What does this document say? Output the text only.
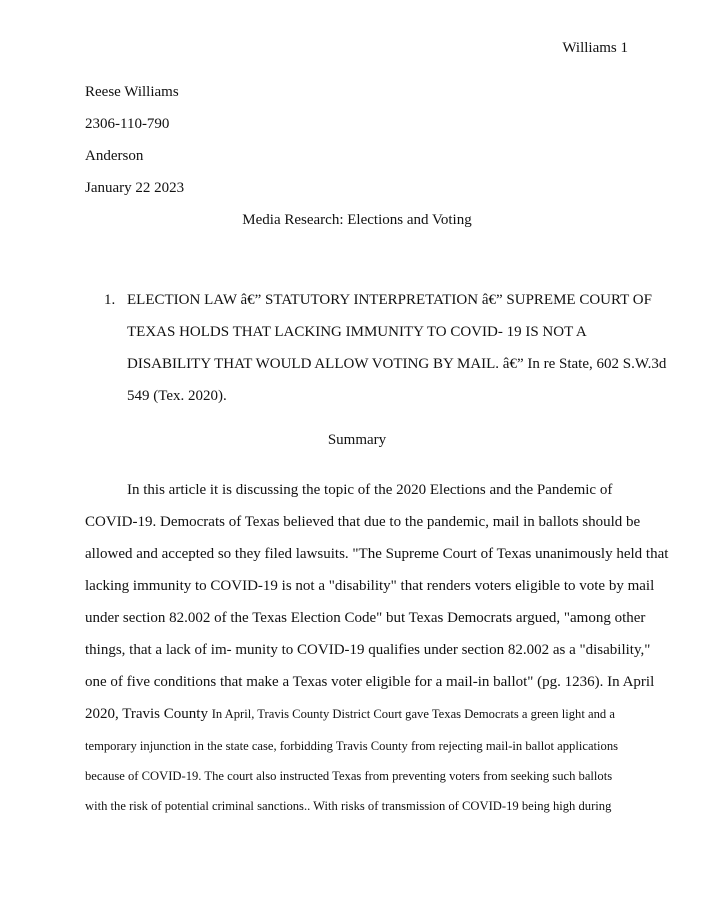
Williams 1
Reese Williams
2306-110-790
Anderson
January 22 2023
Media Research: Elections and Voting
1. ELECTION LAW â€” STATUTORY INTERPRETATION â€” SUPREME COURT OF
TEXAS HOLDS THAT LACKING IMMUNITY TO COVID- 19 IS NOT A
DISABILITY THAT WOULD ALLOW VOTING BY MAIL. â€” In re State, 602 S.W.3d
549 (Tex. 2020).
Summary
In this article it is discussing the topic of the 2020 Elections and the Pandemic of
COVID-19. Democrats of Texas believed that due to the pandemic, mail in ballots should be
allowed and accepted so they filed lawsuits. "The Supreme Court of Texas unanimously held that
lacking immunity to COVID-19 is not a "disability" that renders voters eligible to vote by mail
under section 82.002 of the Texas Election Code" but Texas Democrats argued, "among other
things, that a lack of im- munity to COVID-19 qualifies under section 82.002 as a "disability,"
one of five conditions that make a Texas voter eligible for a mail-in ballot" (pg. 1236). In April
2020, Travis County In April, Travis County District Court gave Texas Democrats a green light and a
temporary injunction in the state case, forbidding Travis County from rejecting mail-in ballot applications
because of COVID-19. The court also instructed Texas from preventing voters from seeking such ballots
with the risk of potential criminal sanctions.. With risks of transmission of COVID-19 being high during
